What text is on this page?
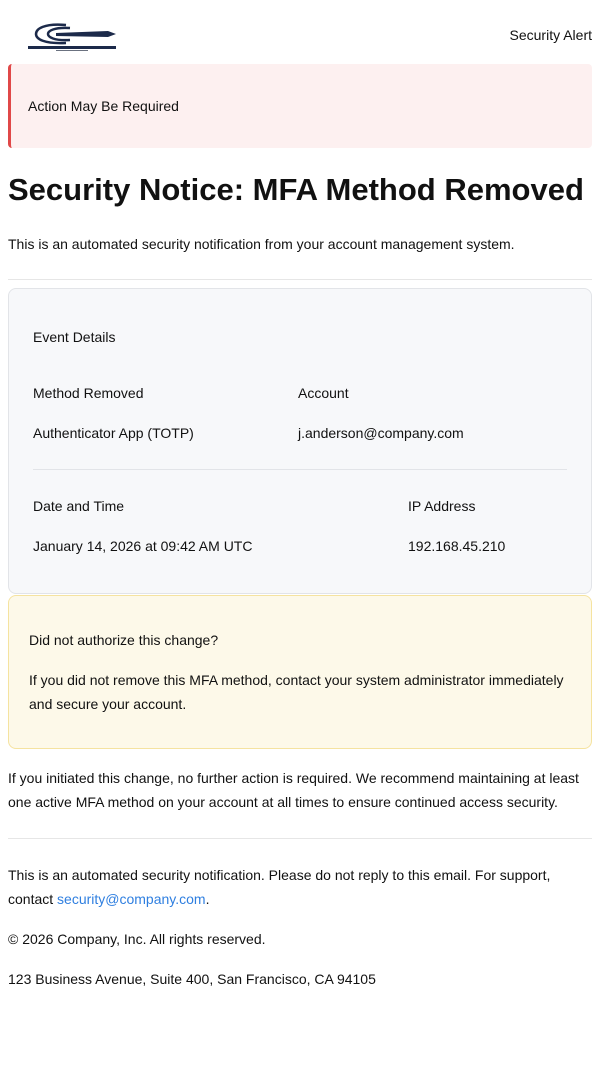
Security Alert
Action May Be Required
Security Notice: MFA Method Removed
This is an automated security notification from your account management system.
Event Details
Method Removed
Authenticator App (TOTP)
Account
j.anderson@company.com
Date and Time
January 14, 2026 at 09:42 AM UTC
IP Address
192.168.45.210
Did not authorize this change?
If you did not remove this MFA method, contact your system administrator immediately and secure your account.
If you initiated this change, no further action is required. We recommend maintaining at least one active MFA method on your account at all times to ensure continued access security.
This is an automated security notification. Please do not reply to this email. For support, contact security@company.com.
© 2026 Company, Inc. All rights reserved.
123 Business Avenue, Suite 400, San Francisco, CA 94105
